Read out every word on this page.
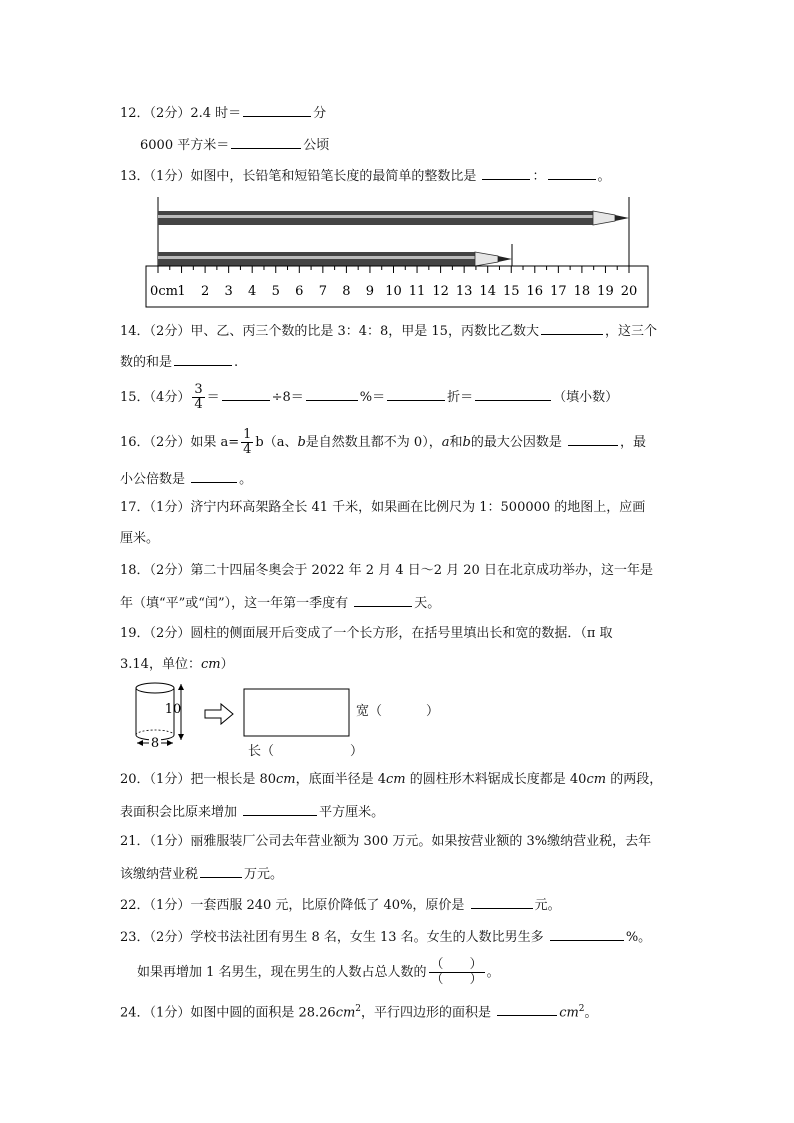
12．（2分）2.4 时＝	分
6000 平方米＝	公顷
13．（1分）如图中，长铅笔和短铅笔长度的最简单的整数比是	：	。
0cm 1 2 3 4 5 6 7 8 9 10 11 12 13 14 15 16 17 18 19 20
14．（2分）甲、乙、丙三个数的比是 3：4：8，甲是 15，丙数比乙数大	，这三个
数的和是	.
15．（4分） $\frac{3}{4}$ ＝	÷8＝	%＝	折＝	（填小数）
16．（2分）如果 $a= \frac{1}{4} b(a$、b是自然数且都不为 0），a和b的最大公因数是	，最
小公倍数是	。
17．（1分）济宁内环高架路全长 41 千米，如果画在比例尺为 1：500000 的地图上，应画
厘米。
18．（2分）第二十四届冬奥会于 2022 年 2 月 4 日～2 月 20 日在北京成功举办，这一年是
年（填“平”或“闰”），这一年第一季度有	天。
19．（2分）圆柱的侧面展开后变成了一个长方形，在括号里填出长和宽的数据．（π 取
3.14，单位：cm）
10
8
宽（	）
长（	）
20．（1分）把一根长是 80cm，底面半径是 4cm 的圆柱形木料锯成长度都是 40cm 的两段，
表面积会比原来增加	平方厘米。
21．（1分）丽雅服装厂公司去年营业额为 300 万元。如果按营业额的 3%缴纳营业税，去年
该缴纳营业税	万元。
22．（1分）一套西服 240 元，比原价降低了 40%，原价是	元。
23．（2分）学校书法社团有男生 8 名，女生 13 名。女生的人数比男生多	%。
如果再增加 1 名男生，现在男生的人数占总人数的 $\frac{( )}{( )}$ 。
24．（1分）如图中圆的面积是 $28.26cm^2$，平行四边形的面积是	$cm^2$。
